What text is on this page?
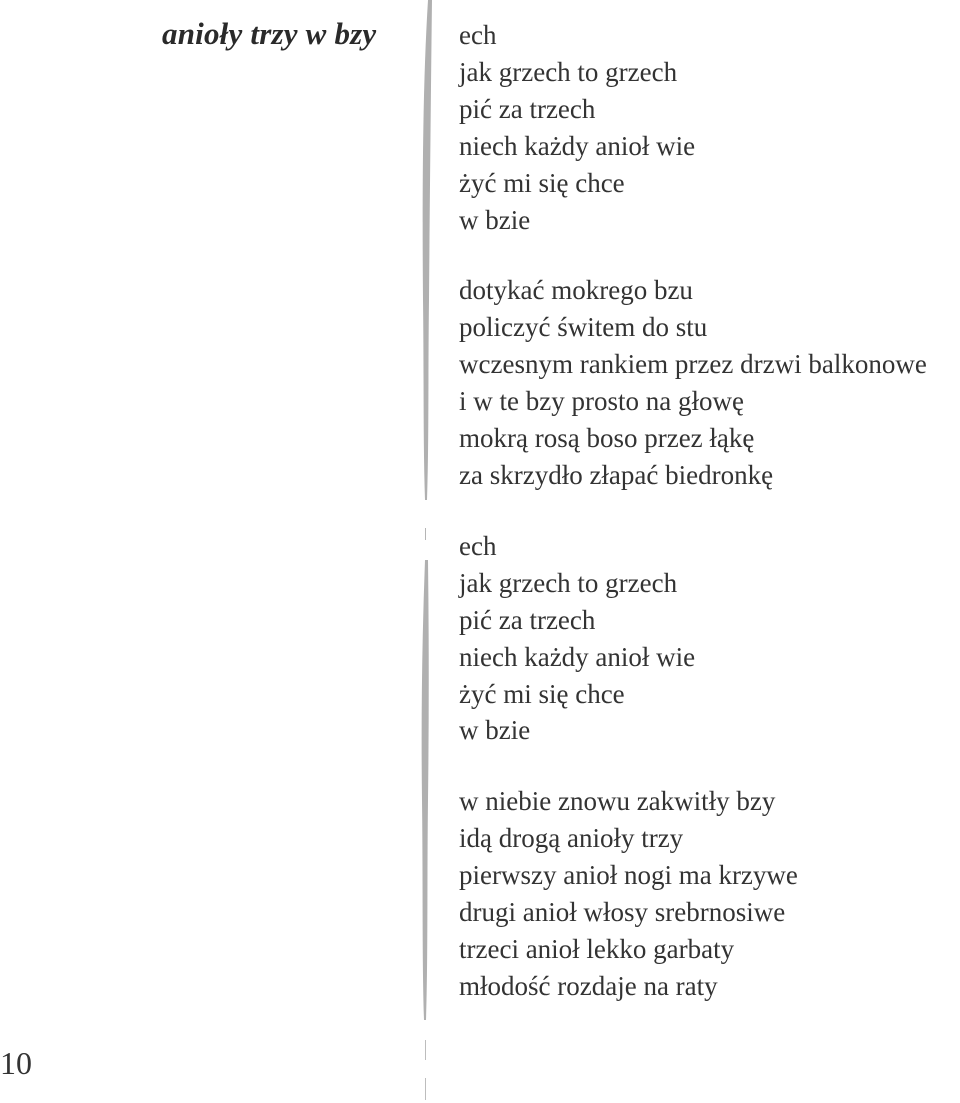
anioły trzy w bzy	ech
jak grzech to grzech
pić za trzech
niech każdy anioł wie
żyć mi się chce
w bzie
dotykać mokrego bzu
policzyć świtem do stu
wczesnym rankiem przez drzwi balkonowe
i w te bzy prosto na głowę
mokrą rosą boso przez łąkę
za skrzydło złapać biedronkę
ech
jak grzech to grzech
pić za trzech
niech każdy anioł wie
żyć mi się chce
w bzie
w niebie znowu zakwitły bzy
idą drogą anioły trzy
pierwszy anioł nogi ma krzywe
drugi anioł włosy srebrnosiwe
trzeci anioł lekko garbaty
młodość rozdaje na raty
10
